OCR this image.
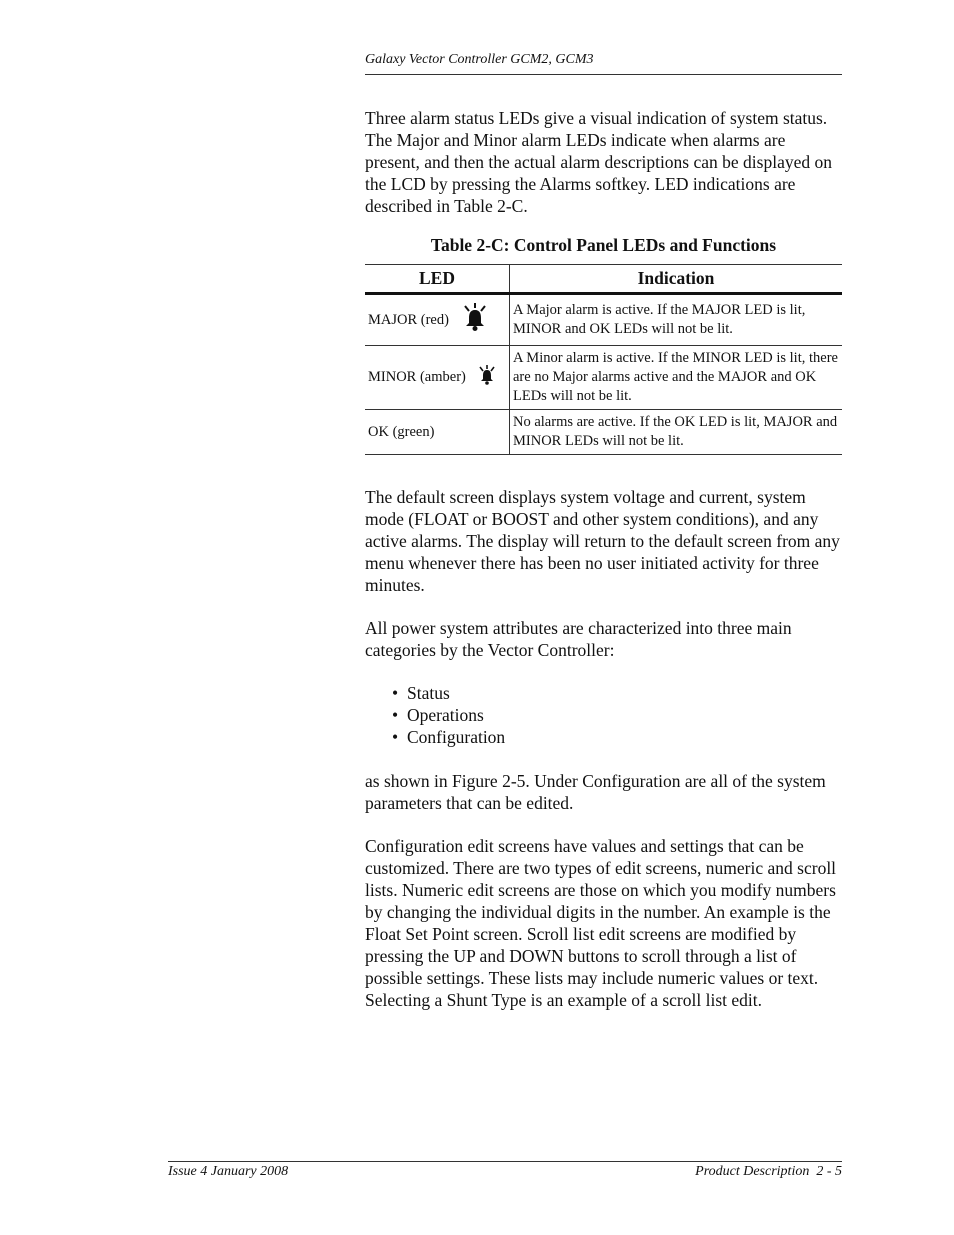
Galaxy Vector Controller GCM2, GCM3

Three alarm status LEDs give a visual indication of system status. The Major and Minor alarm LEDs indicate when alarms are present, and then the actual alarm descriptions can be displayed on the LCD by pressing the Alarms softkey. LED indications are described in Table 2-C.

Table 2-C: Control Panel LEDs and Functions
LED	Indication
MAJOR (red)	A Major alarm is active. If the MAJOR LED is lit, MINOR and OK LEDs will not be lit.
MINOR (amber)	A Minor alarm is active. If the MINOR LED is lit, there are no Major alarms active and the MAJOR and OK LEDs will not be lit.
OK (green)	No alarms are active. If the OK LED is lit, MAJOR and MINOR LEDs will not be lit.

The default screen displays system voltage and current, system mode (FLOAT or BOOST and other system conditions), and any active alarms. The display will return to the default screen from any menu whenever there has been no user initiated activity for three minutes.

All power system attributes are characterized into three main categories by the Vector Controller:

• Status
• Operations
• Configuration

as shown in Figure 2-5. Under Configuration are all of the system parameters that can be edited.

Configuration edit screens have values and settings that can be customized. There are two types of edit screens, numeric and scroll lists. Numeric edit screens are those on which you modify numbers by changing the individual digits in the number. An example is the Float Set Point screen. Scroll list edit screens are modified by pressing the UP and DOWN buttons to scroll through a list of possible settings. These lists may include numeric values or text. Selecting a Shunt Type is an example of a scroll list edit.

Issue 4 January 2008	Product Description  2 - 5
